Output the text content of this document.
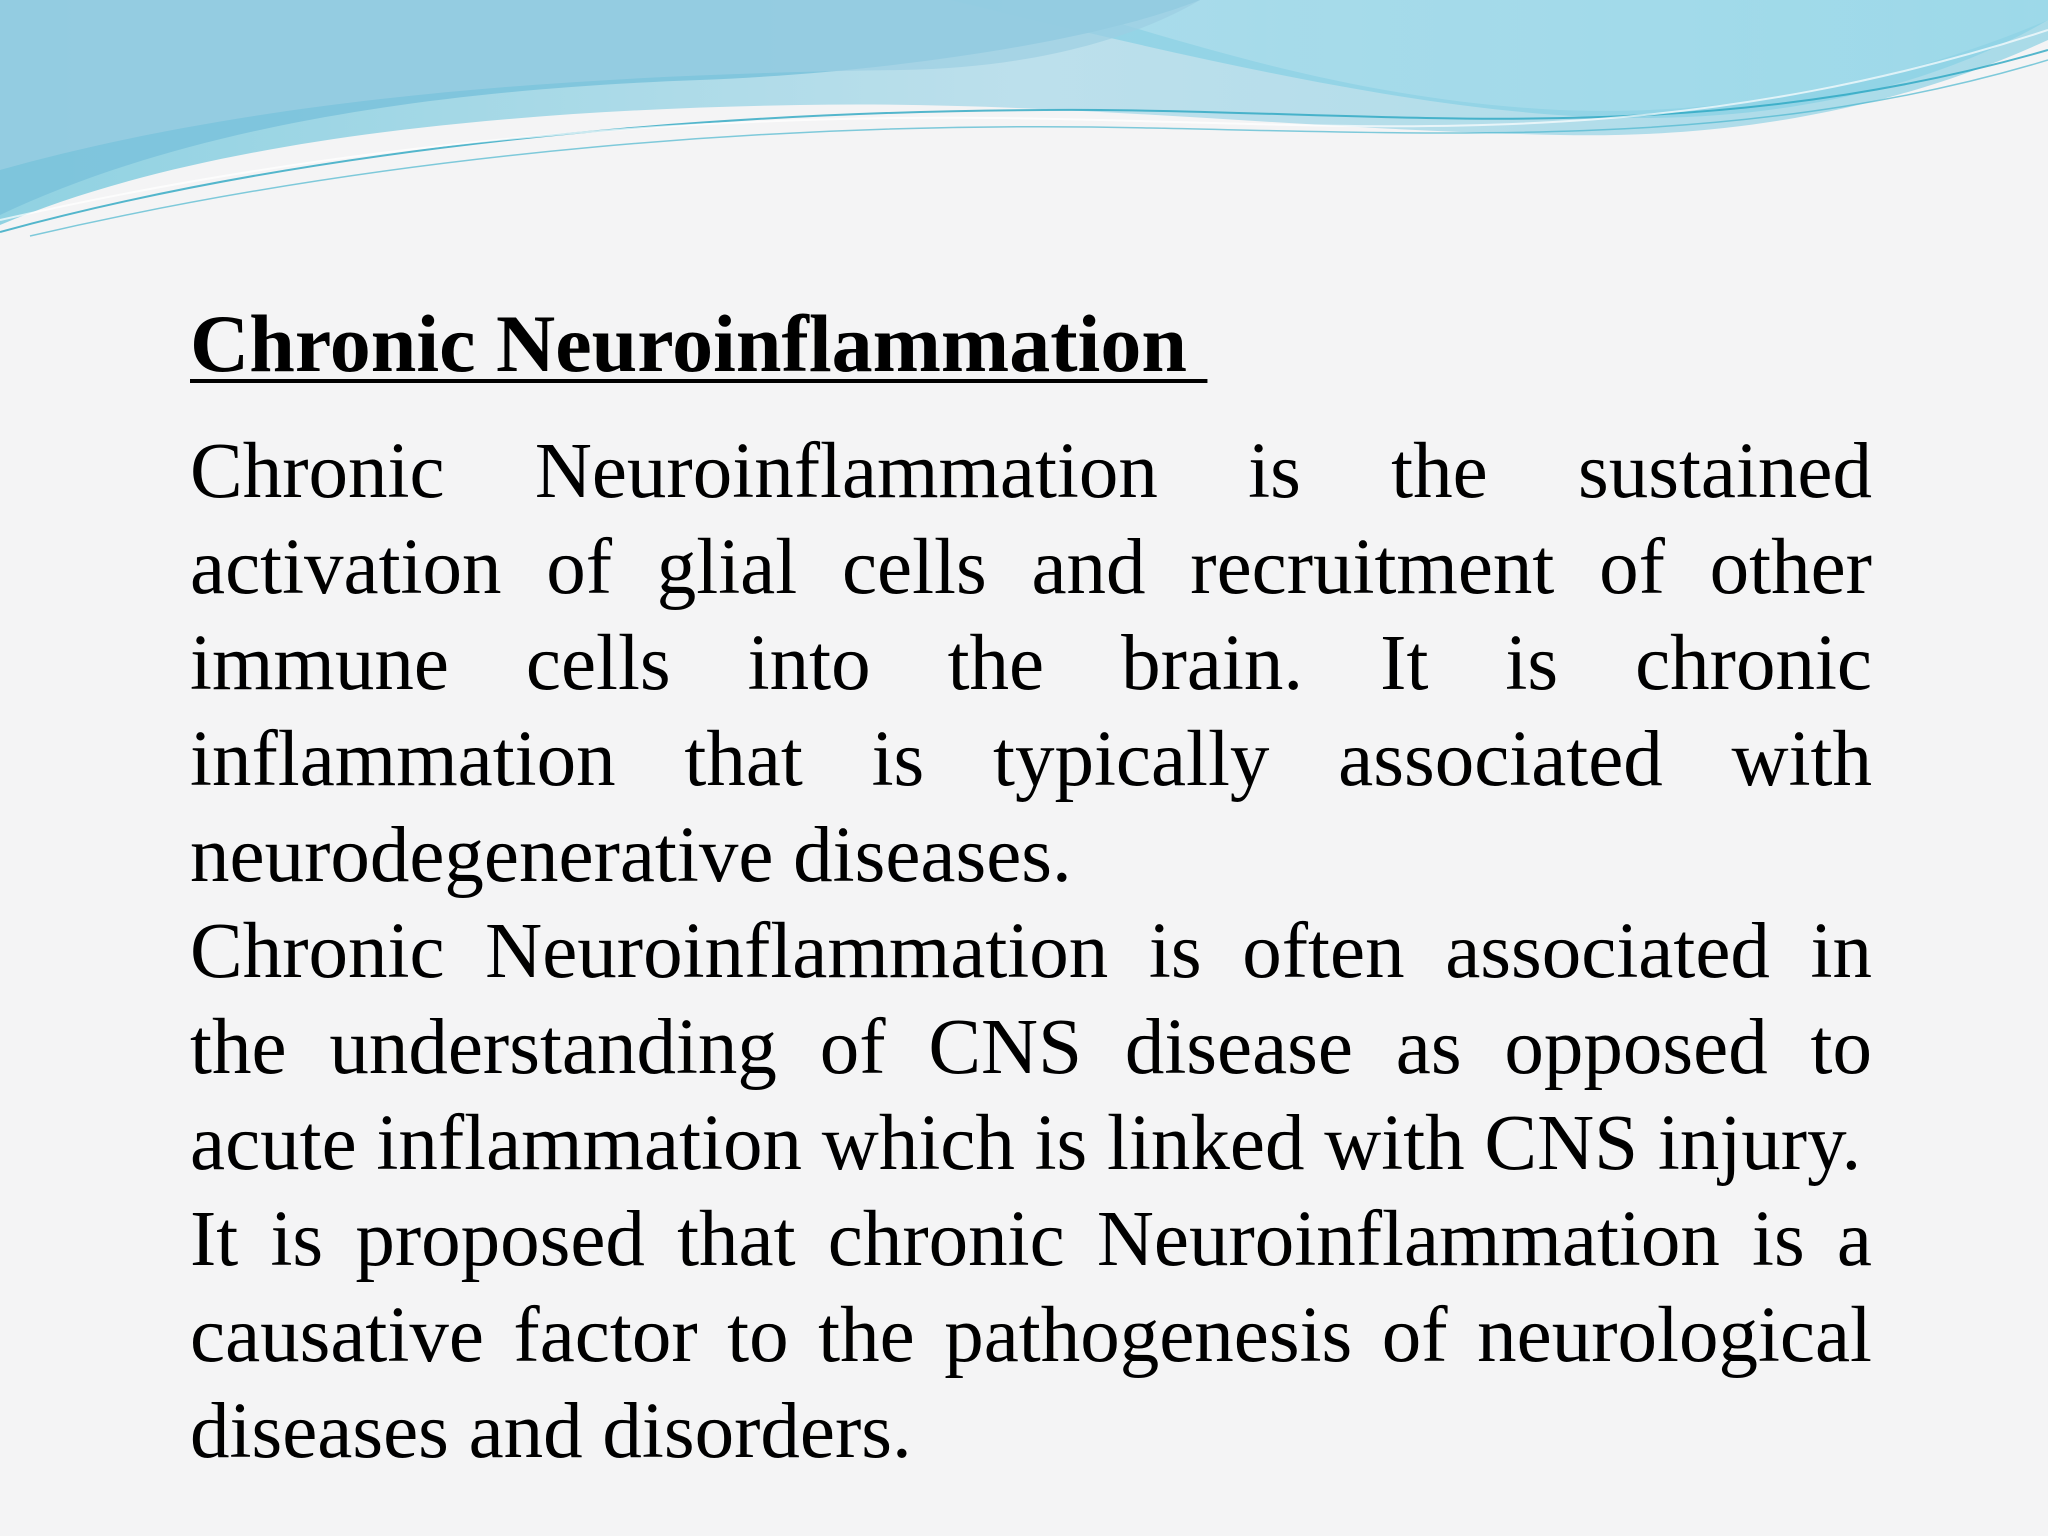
Chronic Neuroinflammation

Chronic Neuroinflammation is the sustained activation of glial cells and recruitment of other immune cells into the brain. It is chronic inflammation that is typically associated with neurodegenerative diseases.

Chronic Neuroinflammation is often associated in the understanding of CNS disease as opposed to acute inflammation which is linked with CNS injury.

It is proposed that chronic Neuroinflammation is a causative factor to the pathogenesis of neurological diseases and disorders.
